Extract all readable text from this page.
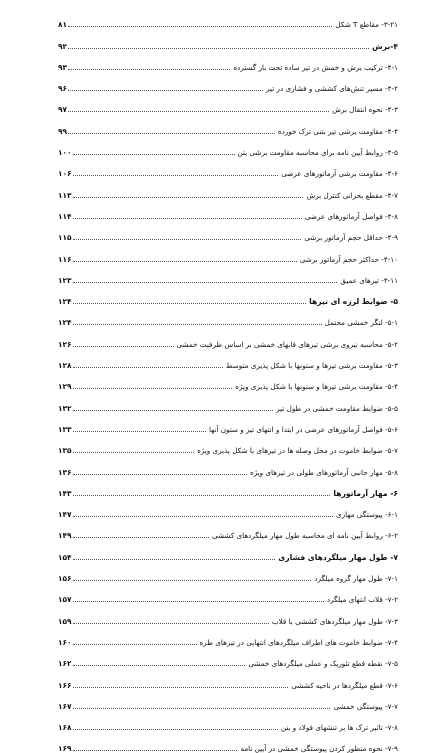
۳-۲۱- مقاطع T شکل
۸۱
۴-برش
۹۲
۴-۱- ترکیب برش و خمش در تیر ساده تحت بار گسترده
۹۳
۴-۲- مسیر تنش‌های کششی و فشاری در تیر
۹۶
۴-۳- نحوه انتقال برش
۹۷
۴-۴- مقاومت برشی تیر بتنی ترک خورده
۹۹
۴-۵- روابط آیین نامه برای محاسبه مقاومت برشی بتن
۱۰۰
۴-۶- مقاومت برشی آرماتورهای عرضی
۱۰۶
۴-۷- مقطع بحرانی کنترل برش
۱۱۳
۴-۸- فواصل آرماتورهای عرضی
۱۱۴
۴-۹- حداقل حجم آرماتور برشی
۱۱۵
۴-۱۰- حداکثر حجم آرماتور برشی
۱۱۶
۴-۱۱- تیرهای عمیق
۱۲۳
۵- ضوابط لرزه ای تیرها
۱۲۴
۵-۱- لنگر خمشی محتمل
۱۲۴
۵-۲- محاسبه نیروی برشی تیرهای قابهای خمشی بر اساس ظرفیت خمشی
۱۲۶
۵-۳- مقاومت برشی تیرها و ستونها با شکل پذیری متوسط
۱۲۸
۵-۴- مقاومت برشی تیرها و ستونها با شکل پذیری ویژه
۱۲۹
۵-۵- ضوابط مقاومت خمشی در طول تیر
۱۳۲
۵-۶- فواصل آرماتورهای عرضی در ابتدا و انتهای تیر و ستون آنها
۱۳۳
۵-۷- ضوابط خاموت در محل وصله ها در تیرهای با شکل پذیری ویژه
۱۳۵
۵-۸- مهار جانبی آرماتورهای طولی در تیرهای ویژه
۱۳۶
۶- مهار آرماتورها
۱۴۳
۶-۱- پیوستگی مهاری
۱۴۷
۶-۲- روابط آیین نامه ای محاسبه طول مهار میلگردهای کششی
۱۴۹
۷- طول مهار میلگردهای فشاری
۱۵۴
۷-۱- طول مهار گروه میلگرد
۱۵۶
۷-۲- قلاب انتهای میلگرد
۱۵۷
۷-۳- طول مهار میلگردهای کششی با قلاب
۱۵۹
۷-۴- ضوابط خاموت های اطراف میلگردهای انتهایی در تیرهای طره
۱۶۰
۷-۵- نقطه قطع تئوریک و عملی میلگردهای خمشی
۱۶۲
۷-۶- قطع میلگردها در ناحیه کششی
۱۶۶
۷-۷- پیوستگی خمشی
۱۶۷
۷-۸- تاثیر ترک ها بر تنشهای فولاد و بتن
۱۶۸
۷-۹- نحوه منظور کردن پیوستگی خمشی در آیین نامه
۱۶۹
